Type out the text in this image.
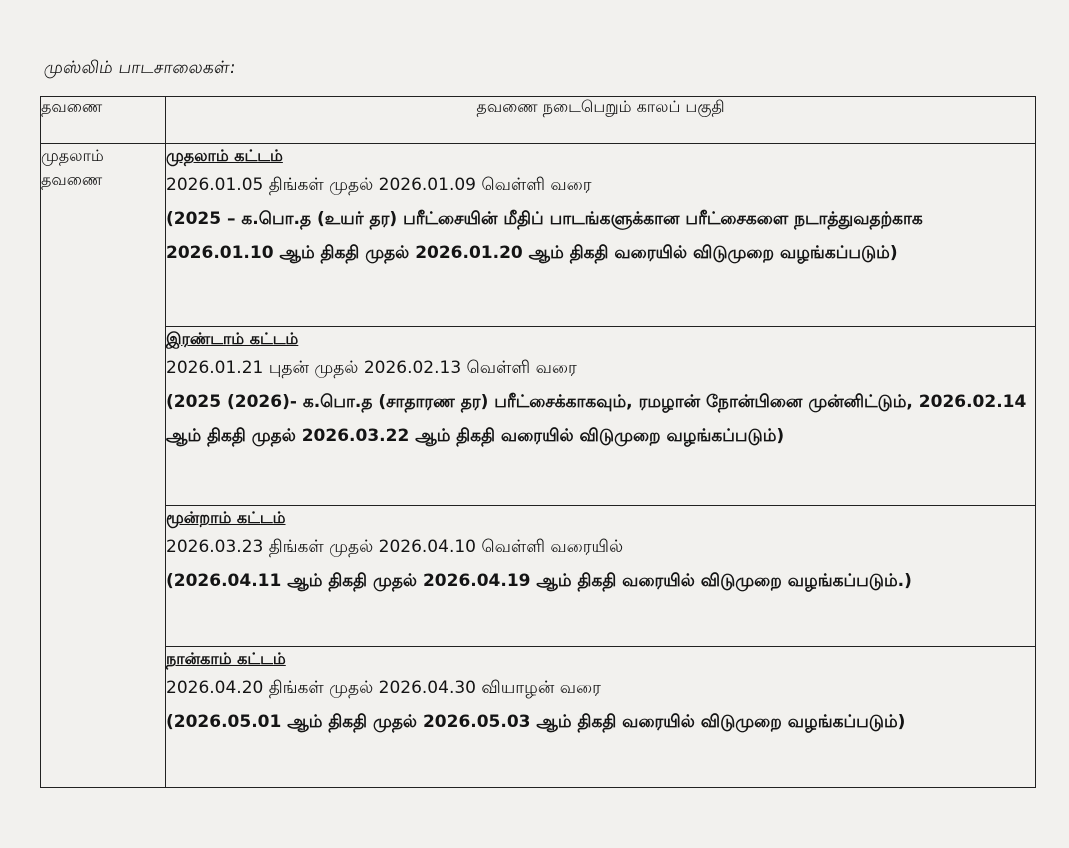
முஸ்லிம் பாடசாலைகள்:
தவணை	தவணை நடைபெறும் காலப் பகுதி
முதலாம் தவணை	முதலாம் கட்டம்
2026.01.05 திங்கள் முதல் 2026.01.09 வெள்ளி வரை
(2025 – க.பொ.த (உயர் தர) பரீட்சையின் மீதிப் பாடங்களுக்கான பரீட்சைகளை நடாத்துவதற்காக 2026.01.10 ஆம் திகதி முதல் 2026.01.20 ஆம் திகதி வரையில் விடுமுறை வழங்கப்படும்)

	இரண்டாம் கட்டம்
2026.01.21 புதன் முதல் 2026.02.13 வெள்ளி வரை
(2025 (2026)- க.பொ.த (சாதாரண தர) பரீட்சைக்காகவும், ரமழான் நோன்பினை முன்னிட்டும், 2026.02.14 ஆம் திகதி முதல் 2026.03.22 ஆம் திகதி வரையில் விடுமுறை வழங்கப்படும்)

	மூன்றாம் கட்டம்
2026.03.23 திங்கள் முதல் 2026.04.10 வெள்ளி வரையில்
(2026.04.11 ஆம் திகதி முதல் 2026.04.19 ஆம் திகதி வரையில் விடுமுறை வழங்கப்படும்.)

	நான்காம் கட்டம்
2026.04.20 திங்கள் முதல் 2026.04.30 வியாழன் வரை
(2026.05.01 ஆம் திகதி முதல் 2026.05.03 ஆம் திகதி வரையில் விடுமுறை வழங்கப்படும்)
